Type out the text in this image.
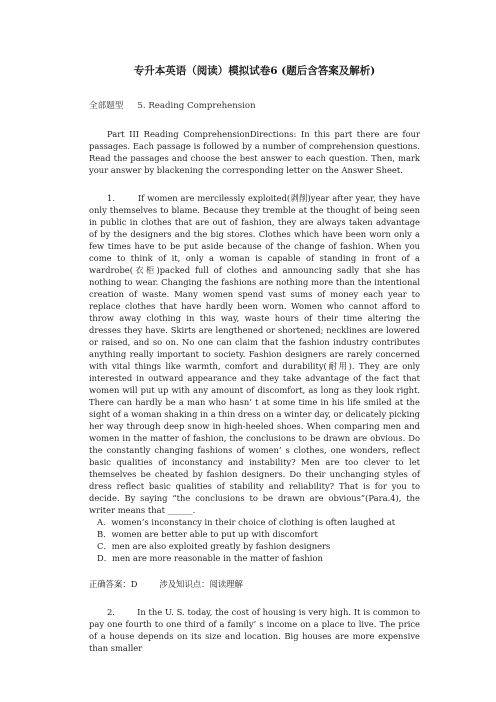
专升本英语（阅读）模拟试卷6 (题后含答案及解析)
全部题型 5. Reading Comprehension

Part III Reading ComprehensionDirections: In this part there are four passages. Each passage is followed by a number of comprehension questions. Read the passages and choose the best answer to each question. Then, mark your answer by blackening the corresponding letter on the Answer Sheet.

1.	If women are mercilessly exploited(剥削)year after year, they have only themselves to blame. Because they tremble at the thought of being seen in public in clothes that are out of fashion, they are always taken advantage of by the designers and the big stores. Clothes which have been worn only a few times have to be put aside because of the change of fashion. When you come to think of it, only a woman is capable of standing in front of a wardrobe(衣柜)packed full of clothes and announcing sadly that she has nothing to wear. Changing the fashions are nothing more than the intentional creation of waste. Many women spend vast sums of money each year to replace clothes that have hardly been worn. Women who cannot afford to throw away clothing in this way, waste hours of their time altering the dresses they have. Skirts are lengthened or shortened; necklines are lowered or raised, and so on. No one can claim that the fashion industry contributes anything really important to society. Fashion designers are rarely concerned with vital things like warmth, comfort and durability(耐用). They are only interested in outward appearance and they take advantage of the fact that women will put up with any amount of discomfort, as long as they look right. There can hardly be a man who hasn’ t at some time in his life smiled at the sight of a woman shaking in a thin dress on a winter day, or delicately picking her way through deep snow in high-heeled shoes. When comparing men and women in the matter of fashion, the conclusions to be drawn are obvious. Do the constantly changing fashions of women’ s clothes, one wonders, reflect basic qualities of inconstancy and instability? Men are too clever to let themselves be cheated by fashion designers. Do their unchanging styles of dress reflect basic qualities of stability and reliability? That is for you to decide. By saying “the conclusions to be drawn are obvious”(Para.4), the writer means that ______.

A．women’s inconstancy in their choice of clothing is often laughed at
B．women are better able to put up with discomfort
C．men are also exploited greatly by fashion designers
D．men are more reasonable in the matter of fashion
正确答案：D	涉及知识点：阅读理解

2.	In the U. S. today, the cost of housing is very high. It is common to pay one fourth to one third of a family’ s income on a place to live. The price of a house depends on its size and location. Big houses are more expensive than smaller
